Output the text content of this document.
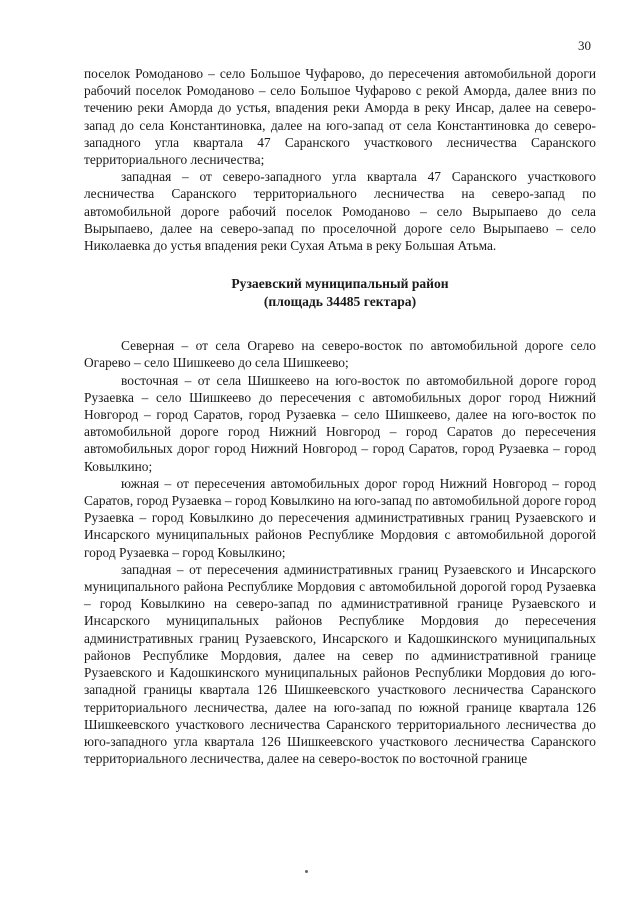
30

поселок Ромоданово – село Большое Чуфарово, до пересечения автомобильной дороги рабочий поселок Ромоданово – село Большое Чуфарово с рекой Аморда, далее вниз по течению реки Аморда до устья, впадения реки Аморда в реку Инсар, далее на северо-запад до села Константиновка, далее на юго-запад от села Константиновка до северо-западного угла квартала 47 Саранского участкового лесничества Саранского территориального лесничества;

западная – от северо-западного угла квартала 47 Саранского участкового лесничества Саранского территориального лесничества на северо-запад по автомобильной дороге рабочий поселок Ромоданово – село Вырыпаево до села Вырыпаево, далее на северо-запад по проселочной дороге село Вырыпаево – село Николаевка до устья впадения реки Сухая Атьма в реку Большая Атьма.

Рузаевский муниципальный район
(площадь 34485 гектара)

Северная – от села Огарево на северо-восток по автомобильной дороге село Огарево – село Шишкеево до села Шишкеево;

восточная – от села Шишкеево на юго-восток по автомобильной дороге город Рузаевка – село Шишкеево до пересечения с автомобильных дорог город Нижний Новгород – город Саратов, город Рузаевка – село Шишкеево, далее на юго-восток по автомобильной дороге город Нижний Новгород – город Саратов до пересечения автомобильных дорог город Нижний Новгород – город Саратов, город Рузаевка – город Ковылкино;

южная – от пересечения автомобильных дорог город Нижний Новгород – город Саратов, город Рузаевка – город Ковылкино на юго-запад по автомобильной дороге город Рузаевка – город Ковылкино до пересечения административных границ Рузаевского и Инсарского муниципальных районов Республике Мордовия с автомобильной дорогой город Рузаевка – город Ковылкино;

западная – от пересечения административных границ Рузаевского и Инсарского муниципального района Республике Мордовия с автомобильной дорогой город Рузаевка – город Ковылкино на северо-запад по административной границе Рузаевского и Инсарского муниципальных районов Республике Мордовия до пересечения административных границ Рузаевского, Инсарского и Кадошкинского муниципальных районов Республике Мордовия, далее на север по административной границе Рузаевского и Кадошкинского муниципальных районов Республики Мордовия до юго-западной границы квартала 126 Шишкеевского участкового лесничества Саранского территориального лесничества, далее на юго-запад по южной границе квартала 126 Шишкеевского участкового лесничества Саранского территориального лесничества до юго-западного угла квартала 126 Шишкеевского участкового лесничества Саранского территориального лесничества, далее на северо-восток по восточной границе
